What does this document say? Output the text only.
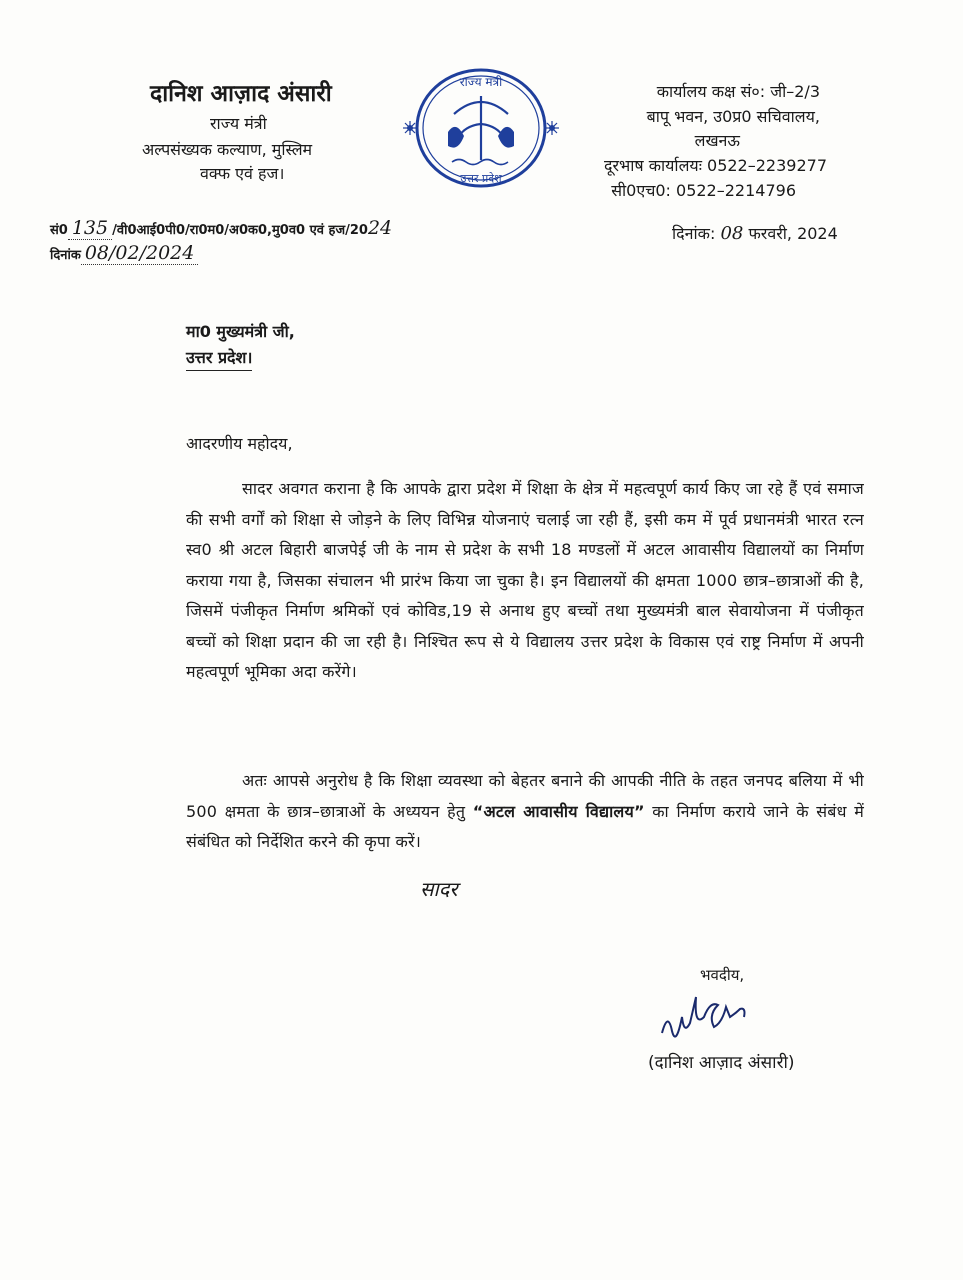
दानिश आज़ाद अंसारी
राज्य मंत्री
अल्पसंख्यक कल्याण, मुस्लिम
वक्फ एवं हज।
राज्य मंत्री
उत्तर प्रदेश
कार्यालय कक्ष सं०: जी–2/3
बापू भवन, उ0प्र0 सचिवालय,
लखनऊ
दूरभाष कार्यालयः 0522–2239277
सी0एच0: 0522–2214796
सं0 135 /वी0आई0पी0/रा0म0/अ0क0,मु0व0 एवं हज/2024
दिनांक 08/02/2024
दिनांक: 08 फरवरी, 2024
मा0 मुख्यमंत्री जी,
उत्तर प्रदेश।
आदरणीय महोदय,
सादर अवगत कराना है कि आपके द्वारा प्रदेश में शिक्षा के क्षेत्र में महत्वपूर्ण कार्य किए जा रहे हैं एवं समाज की सभी वर्गों को शिक्षा से जोड़ने के लिए विभिन्न योजनाएं चलाई जा रही हैं, इसी कम में पूर्व प्रधानमंत्री भारत रत्न स्व0 श्री अटल बिहारी बाजपेई जी के नाम से प्रदेश के सभी 18 मण्डलों में अटल आवासीय विद्यालयों का निर्माण कराया गया है, जिसका संचालन भी प्रारंभ किया जा चुका है। इन विद्यालयों की क्षमता 1000 छात्र–छात्राओं की है, जिसमें पंजीकृत निर्माण श्रमिकों एवं कोविड,19 से अनाथ हुए बच्चों तथा मुख्यमंत्री बाल सेवायोजना में पंजीकृत बच्चों को शिक्षा प्रदान की जा रही है। निश्चित रूप से ये विद्यालय उत्तर प्रदेश के विकास एवं राष्ट्र निर्माण में अपनी महत्वपूर्ण भूमिका अदा करेंगे।
अतः आपसे अनुरोध है कि शिक्षा व्यवस्था को बेहतर बनाने की आपकी नीति के तहत जनपद बलिया में भी 500 क्षमता के छात्र–छात्राओं के अध्ययन हेतु “अटल आवासीय विद्यालय” का निर्माण कराये जाने के संबंध में संबंधित को निर्देशित करने की कृपा करें।
सादर
भवदीय,
(दानिश आज़ाद अंसारी)
